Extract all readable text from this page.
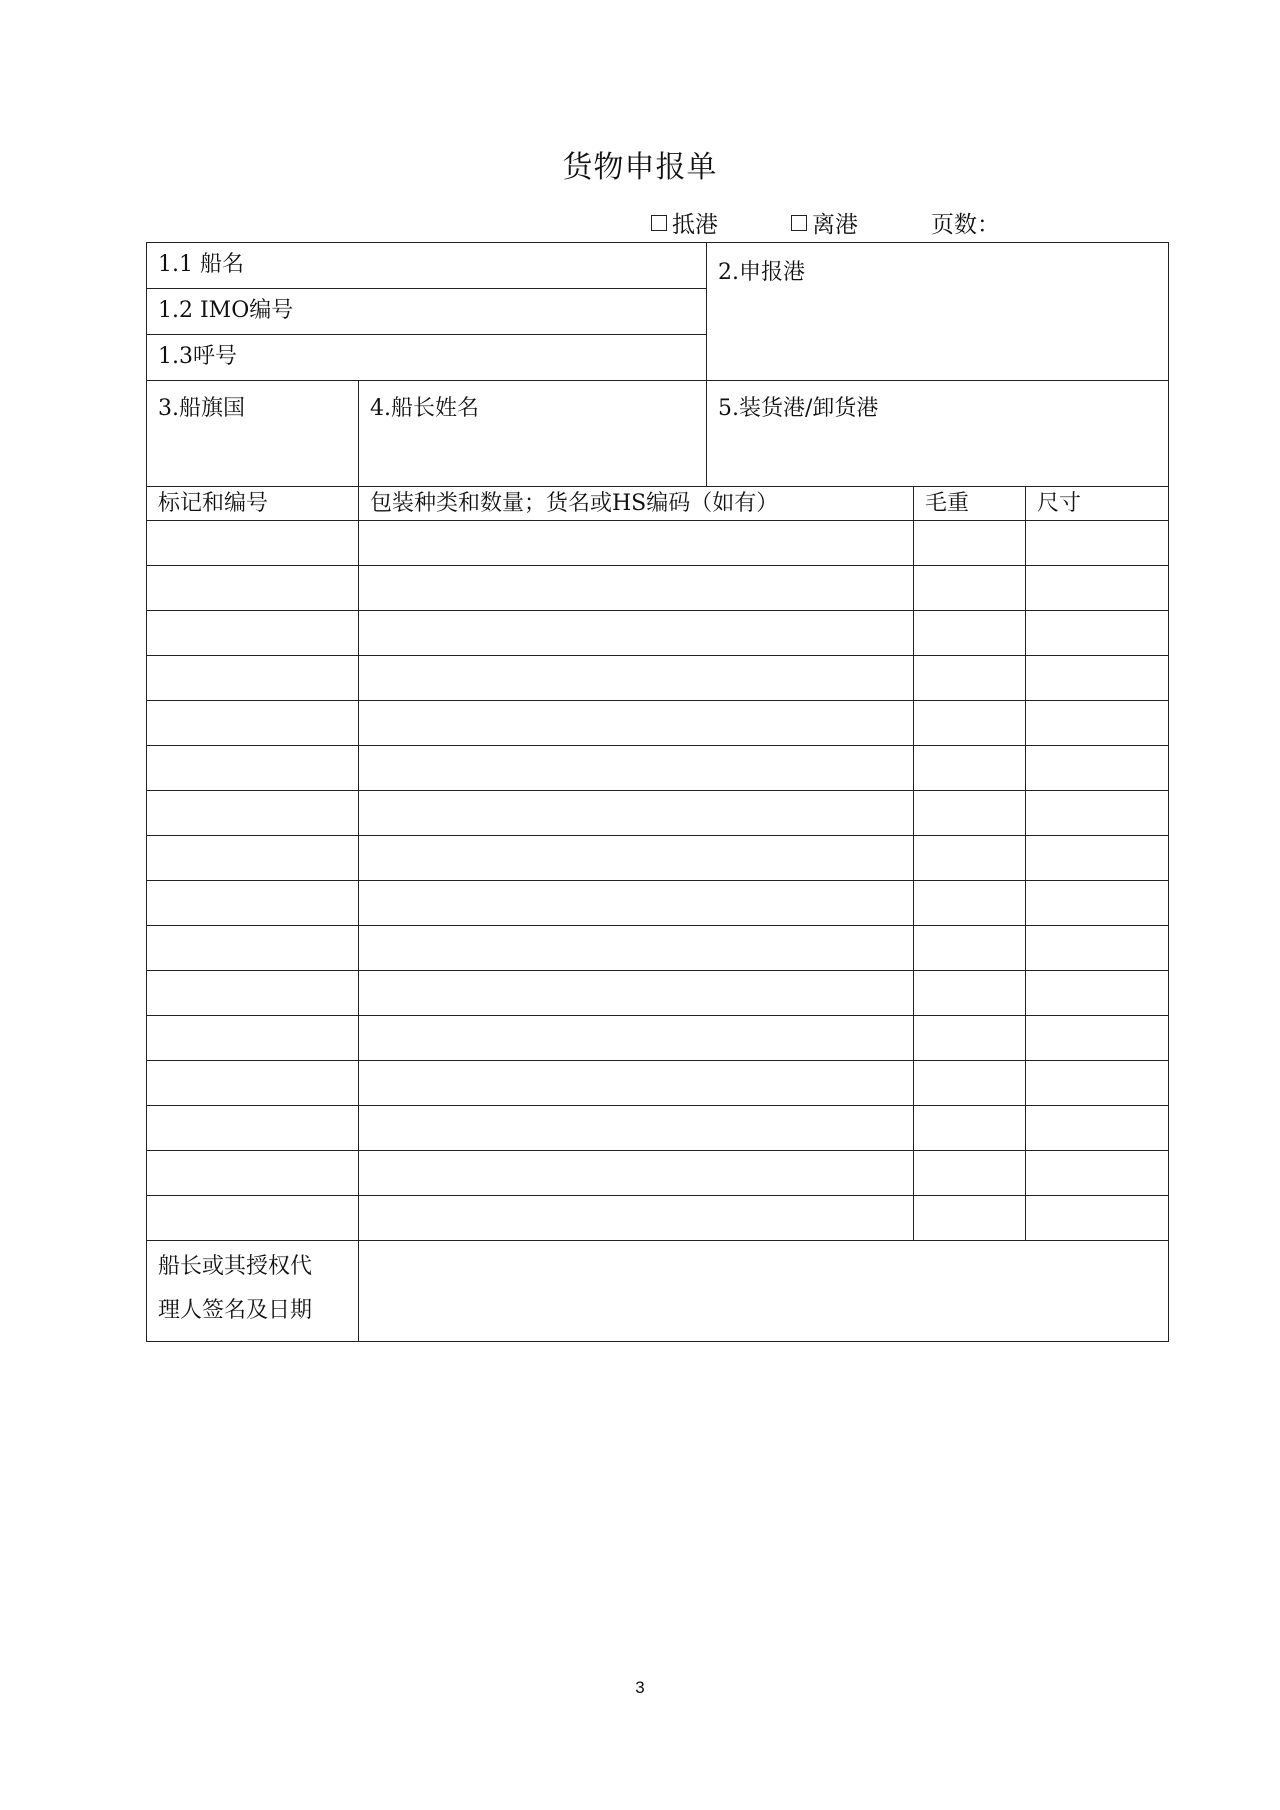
货物申报单
抵港	离港	页数：
1.1 船名		2.申报港		

1.2 IMO编号				

1.3呼号				

3.船旗国	4.船长姓名	5.装货港/卸货港		

标记和编号	包装种类和数量；货名或HS编码（如有）		毛重	尺寸

船长或其授权代
理人签名及日期				

3
